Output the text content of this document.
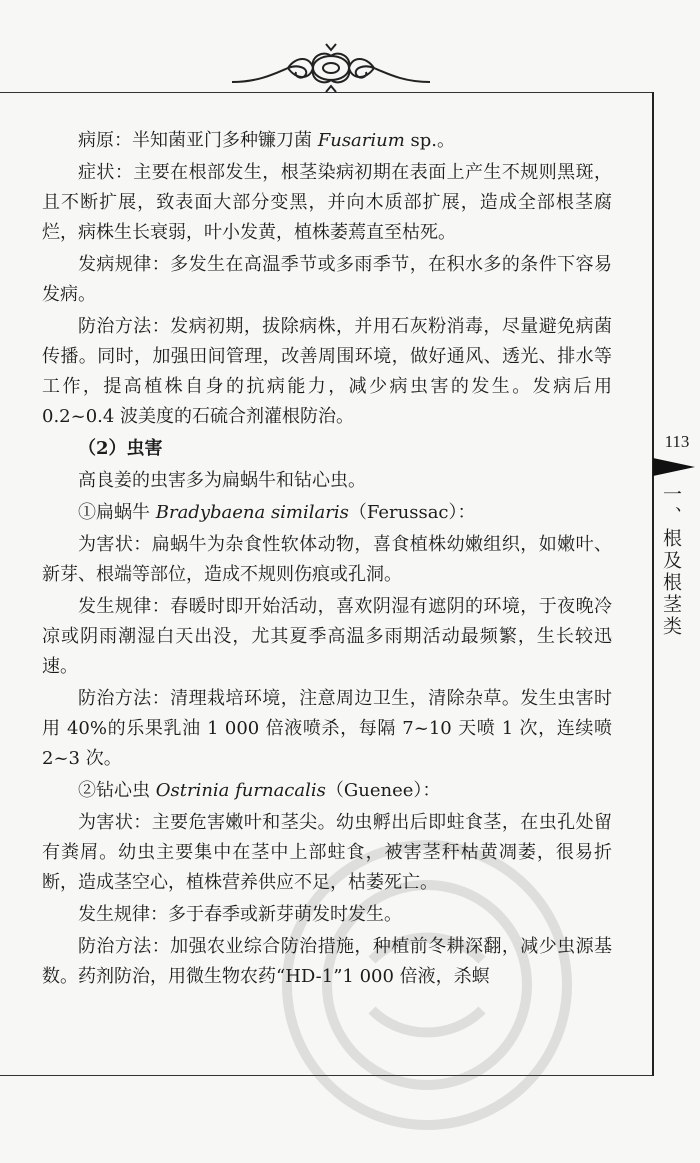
113
一、根及根茎类

病原：半知菌亚门多种镰刀菌 Fusarium sp.。

症状：主要在根部发生，根茎染病初期在表面上产生不规则黑斑，且不断扩展，致表面大部分变黑，并向木质部扩展，造成全部根茎腐烂，病株生长衰弱，叶小发黄，植株萎蔫直至枯死。

发病规律：多发生在高温季节或多雨季节，在积水多的条件下容易发病。

防治方法：发病初期，拔除病株，并用石灰粉消毒，尽量避免病菌传播。同时，加强田间管理，改善周围环境，做好通风、透光、排水等工作，提高植株自身的抗病能力，减少病虫害的发生。发病后用 0.2~0.4 波美度的石硫合剂灌根防治。

（2）虫害

高良姜的虫害多为扁蜗牛和钻心虫。

①扁蜗牛 Bradybaena similaris（Ferussac）：

为害状：扁蜗牛为杂食性软体动物，喜食植株幼嫩组织，如嫩叶、新芽、根端等部位，造成不规则伤痕或孔洞。

发生规律：春暖时即开始活动，喜欢阴湿有遮阴的环境，于夜晚冷凉或阴雨潮湿白天出没，尤其夏季高温多雨期活动最频繁，生长较迅速。

防治方法：清理栽培环境，注意周边卫生，清除杂草。发生虫害时用 40%的乐果乳油 1 000 倍液喷杀，每隔 7~10 天喷 1 次，连续喷 2~3 次。

②钻心虫 Ostrinia furnacalis（Guenee）：

为害状：主要危害嫩叶和茎尖。幼虫孵出后即蛀食茎，在虫孔处留有粪屑。幼虫主要集中在茎中上部蛀食，被害茎秆枯黄凋萎，很易折断，造成茎空心，植株营养供应不足，枯萎死亡。

发生规律：多于春季或新芽萌发时发生。

防治方法：加强农业综合防治措施，种植前冬耕深翻，减少虫源基数。药剂防治，用微生物农药“HD-1”1 000 倍液，杀螟
